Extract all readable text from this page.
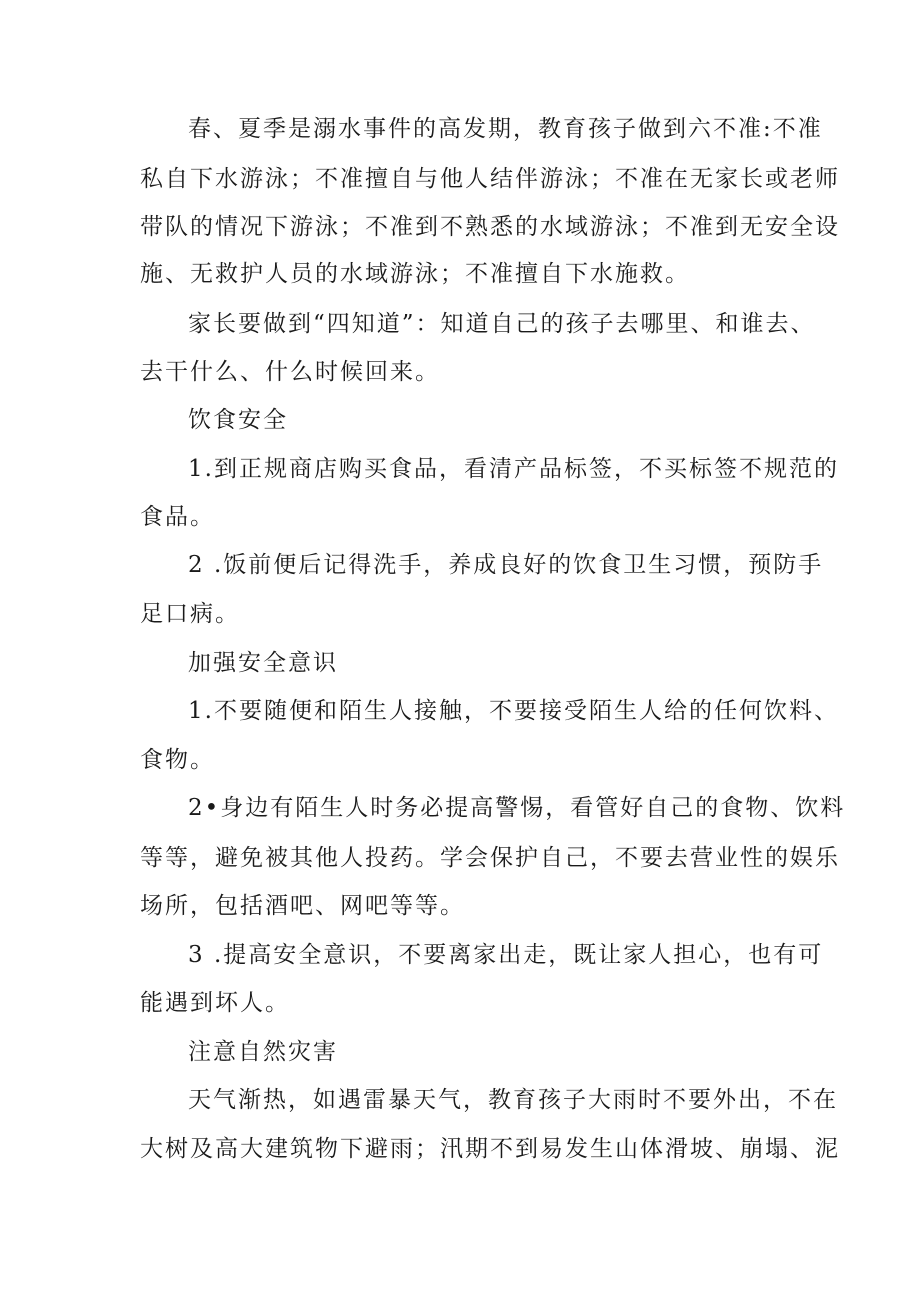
春、夏季是溺水事件的高发期，教育孩子做到六不准:不准

私自下水游泳；不准擅自与他人结伴游泳；不准在无家长或老师

带队的情况下游泳；不准到不熟悉的水域游泳；不准到无安全设

施、无救护人员的水域游泳；不准擅自下水施救。

家长要做到“四知道”：知道自己的孩子去哪里、和谁去、

去干什么、什么时候回来。

饮食安全

1.到正规商店购买食品，看清产品标签，不买标签不规范的

食品。

2 .饭前便后记得洗手，养成良好的饮食卫生习惯，预防手

足口病。

加强安全意识

1.不要随便和陌生人接触，不要接受陌生人给的任何饮料、

食物。

2•身边有陌生人时务必提高警惕，看管好自己的食物、饮料

等等，避免被其他人投药。学会保护自己，不要去营业性的娱乐

场所，包括酒吧、网吧等等。

3 .提高安全意识，不要离家出走，既让家人担心，也有可

能遇到坏人。

注意自然灾害

天气渐热，如遇雷暴天气，教育孩子大雨时不要外出，不在

大树及高大建筑物下避雨；汛期不到易发生山体滑坡、崩塌、泥
